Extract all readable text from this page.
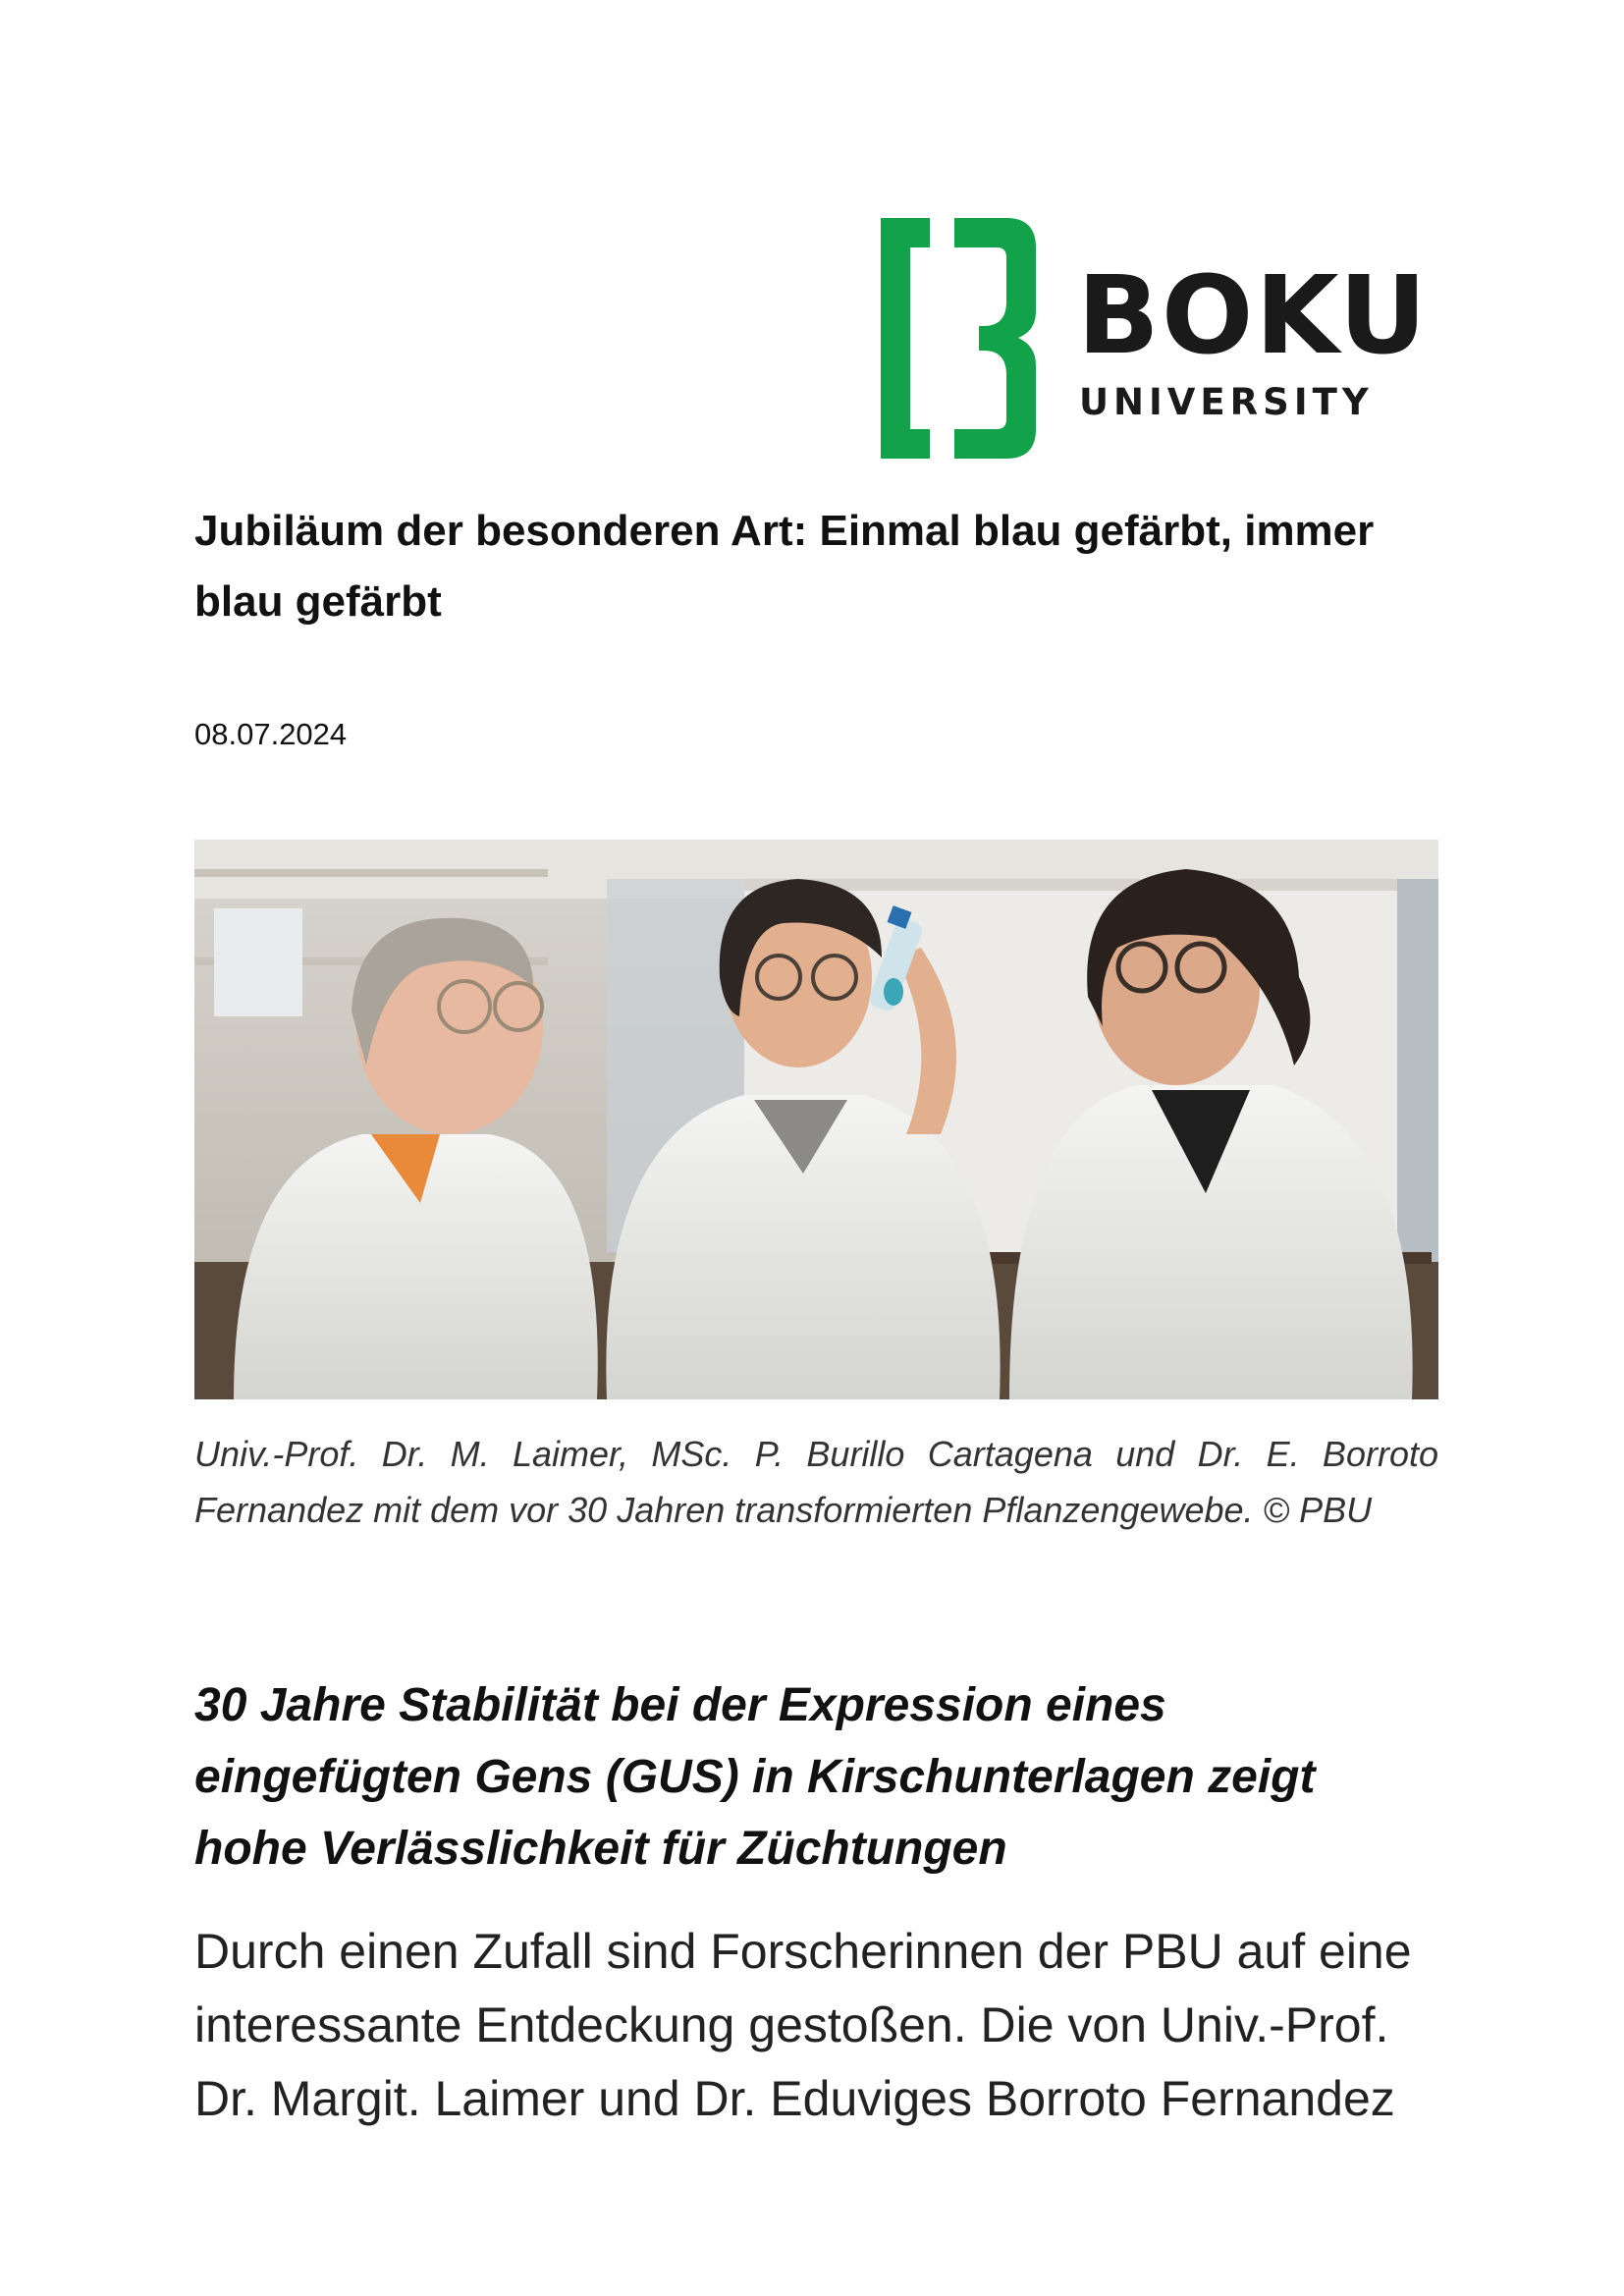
BOKU
UNIVERSITY
Jubiläum der besonderen Art: Einmal blau gefärbt, immer blau gefärbt
08.07.2024

Univ.-Prof. Dr. M. Laimer, MSc. P. Burillo Cartagena und Dr. E. Borroto Fernandez mit dem vor 30 Jahren transformierten Pflanzengewebe. © PBU

30 Jahre Stabilität bei der Expression eines eingefügten Gens (GUS) in Kirschunterlagen zeigt hohe Verlässlichkeit für Züchtungen

Durch einen Zufall sind Forscherinnen der PBU auf eine interessante Entdeckung gestoßen. Die von Univ.-Prof. Dr. Margit. Laimer und Dr. Eduviges Borroto Fernandez
